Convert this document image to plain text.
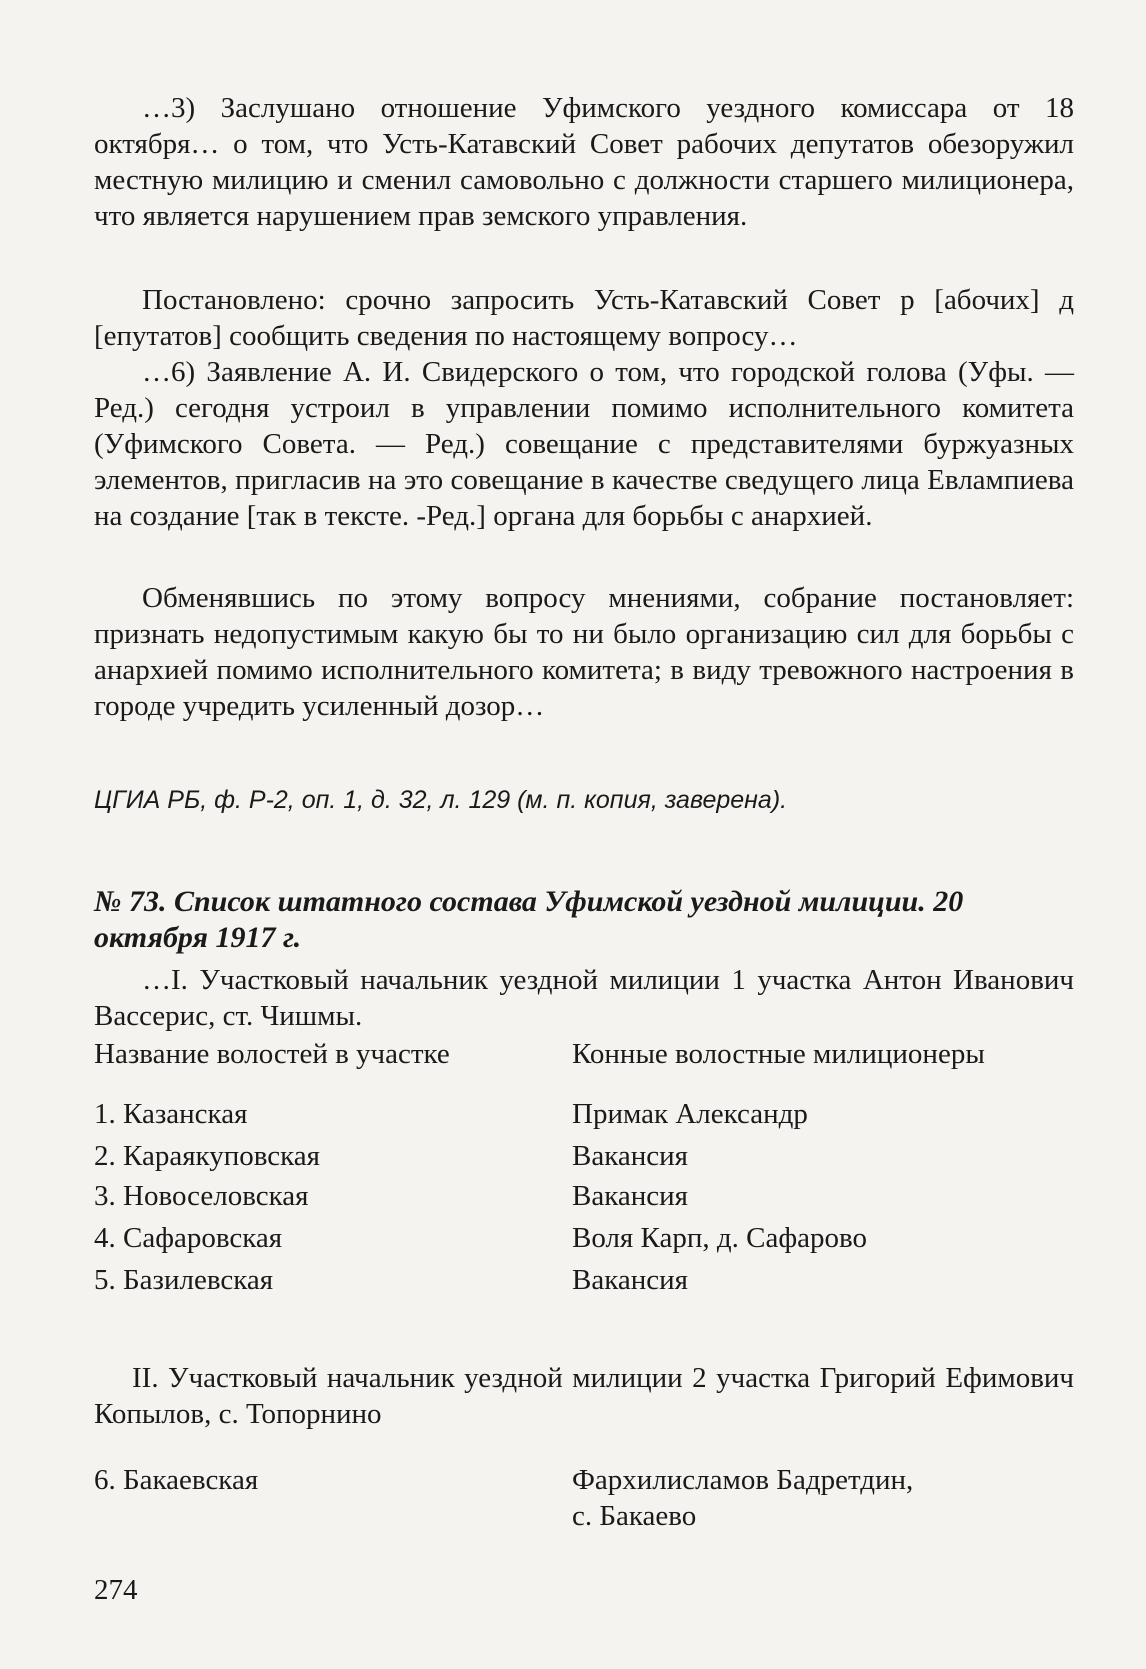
…3) Заслушано отношение Уфимского уездного комиссара от 18 октября… о том, что Усть-Катавский Совет рабочих депутатов обезоружил местную милицию и сменил самовольно с должности старшего милиционера, что является нарушением прав земского управления.

Постановлено: срочно запросить Усть-Катавский Совет р [абочих] д [епутатов] сообщить сведения по настоящему вопросу…

…6) Заявление А. И. Свидерского о том, что городской голова (Уфы. — Ред.) сегодня устроил в управлении помимо исполнительного комитета (Уфимского Совета. — Ред.) совещание с представителями буржуазных элементов, пригласив на это совещание в качестве сведущего лица Евлампиева на создание [так в тексте. -Ред.] органа для борьбы с анархией.

Обменявшись по этому вопросу мнениями, собрание постановляет: признать недопустимым какую бы то ни было организацию сил для борьбы с анархией помимо исполнительного комитета; в виду тревожного настроения в городе учредить усиленный дозор…

ЦГИА РБ, ф. Р-2, оп. 1, д. 32, л. 129 (м. п. копия, заверена).

№ 73. Список штатного состава Уфимской уездной милиции. 20 октября 1917 г.

…I. Участковый начальник уездной милиции 1 участка Антон Иванович Вассерис, ст. Чишмы.

Название волостей в участке	Конные волостные милиционеры
1. Казанская	Примак Александр
2. Караякуповская	Вакансия
3. Новоселовская	Вакансия
4. Сафаровская	Воля Карп, д. Сафарово
5. Базилевская	Вакансия

II. Участковый начальник уездной милиции 2 участка Григорий Ефимович Копылов, с. Топорнино

6. Бакаевская	Фархилисламов Бадретдин,
с. Бакаево
274
